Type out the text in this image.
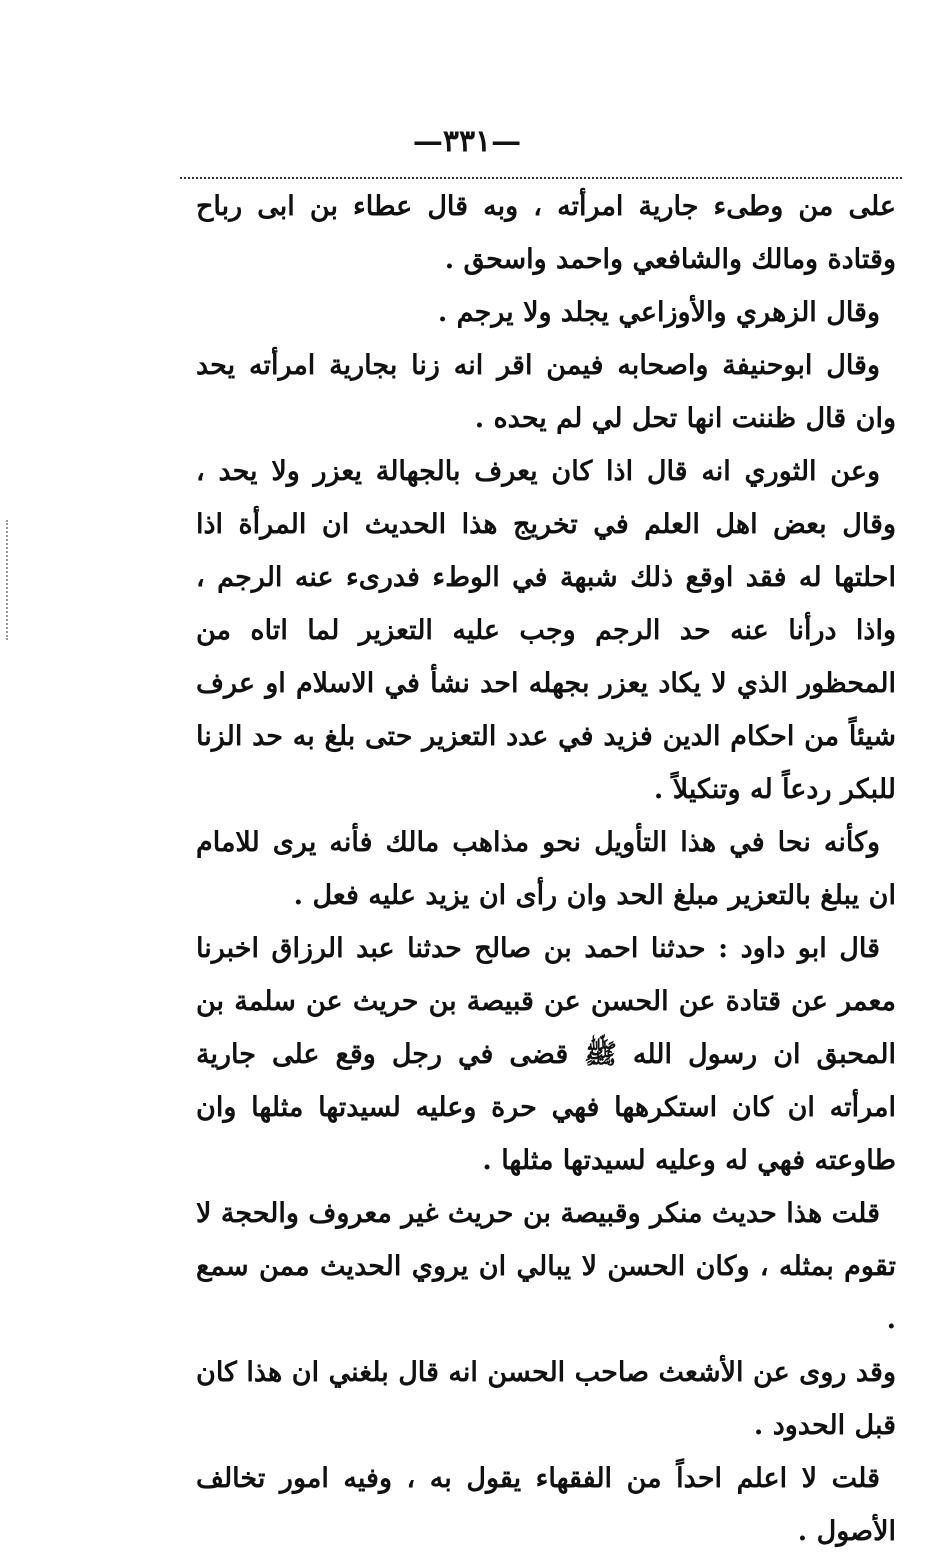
—٣٣١—

على من وطىء جارية امرأته ، وبه قال عطاء بن ابى رباح وقتادة ومالك والشافعي واحمد واسحق .

وقال الزهري والأوزاعي يجلد ولا يرجم .

وقال ابوحنيفة واصحابه فيمن اقر انه زنا بجارية امرأته يحد وان قال ظننت انها تحل لي لم يحده .

وعن الثوري انه قال اذا كان يعرف بالجهالة يعزر ولا يحد ، وقال بعض اهل العلم في تخريج هذا الحديث ان المرأة اذا احلتها له فقد اوقع ذلك شبهة في الوطء فدرىء عنه الرجم ، واذا درأنا عنه حد الرجم وجب عليه التعزير لما اتاه من المحظور الذي لا يكاد يعزر بجهله احد نشأ في الاسلام او عرف شيئاً من احكام الدين فزيد في عدد التعزير حتى بلغ به حد الزنا للبكر ردعاً له وتنكيلاً .

وكأنه نحا في هذا التأويل نحو مذاهب مالك فأنه يرى للامام ان يبلغ بالتعزير مبلغ الحد وان رأى ان يزيد عليه فعل .

قال ابو داود : حدثنا احمد بن صالح حدثنا عبد الرزاق اخبرنا معمر عن قتادة عن الحسن عن قبيصة بن حريث عن سلمة بن المحبق ان رسول الله ﷺ قضى في رجل وقع على جارية امرأته ان كان استكرهها فهي حرة وعليه لسيدتها مثلها وان طاوعته فهي له وعليه لسيدتها مثلها .

قلت هذا حديث منكر وقبيصة بن حريث غير معروف والحجة لا تقوم بمثله ، وكان الحسن لا يبالي ان يروي الحديث ممن سمع .

وقد روى عن الأشعث صاحب الحسن انه قال بلغني ان هذا كان قبل الحدود .

قلت لا اعلم احداً من الفقهاء يقول به ، وفيه امور تخالف الأصول .
